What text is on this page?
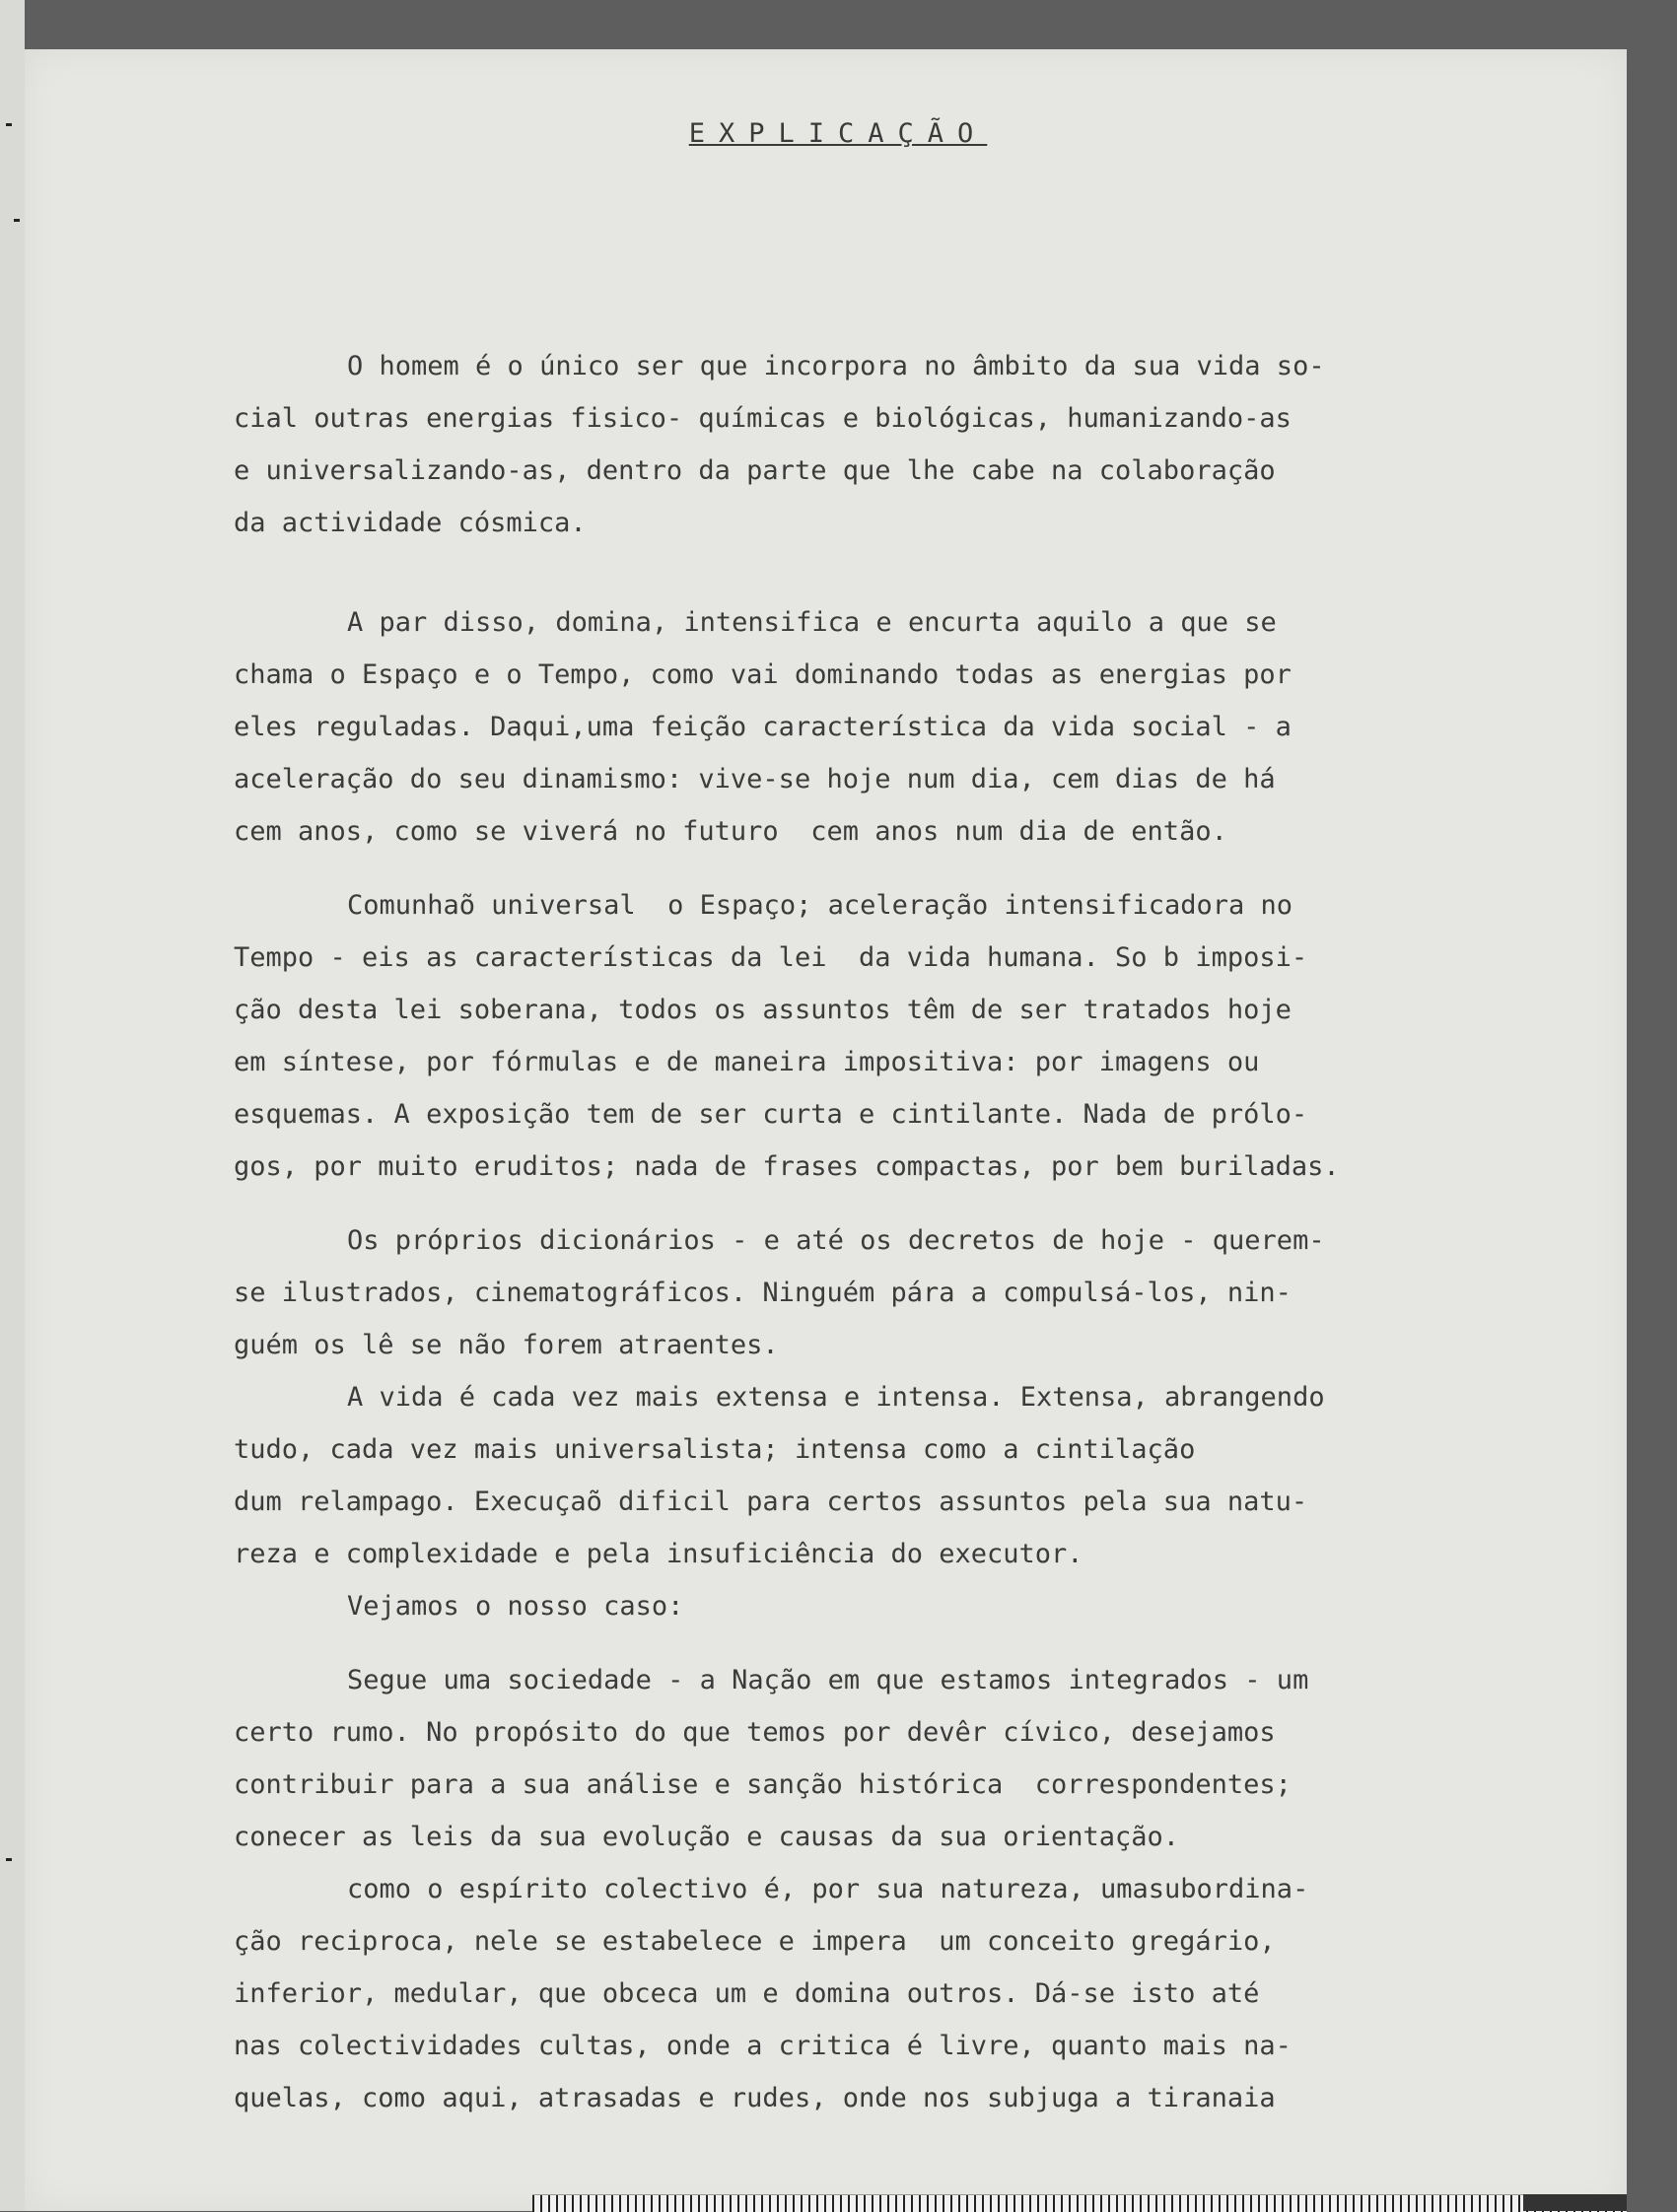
EXPLICAÇÃO
O homem é o único ser que incorpora no âmbito da sua vida so-
cial outras energias fisico- químicas e biológicas, humanizando-as
e universalizando-as, dentro da parte que lhe cabe na colaboração
da actividade cósmica.
A par disso, domina, intensifica e encurta aquilo a que se
chama o Espaço e o Tempo, como vai dominando todas as energias por
eles reguladas. Daqui,uma feição característica da vida social - a
aceleração do seu dinamismo: vive-se hoje num dia, cem dias de há
cem anos, como se viverá no futuro  cem anos num dia de então.
Comunhaõ universal  o Espaço; aceleração intensificadora no
Tempo - eis as características da lei  da vida humana. So b imposi-
ção desta lei soberana, todos os assuntos têm de ser tratados hoje
em síntese, por fórmulas e de maneira impositiva: por imagens ou
esquemas. A exposição tem de ser curta e cintilante. Nada de prólo-
gos, por muito eruditos; nada de frases compactas, por bem buriladas.
Os próprios dicionários - e até os decretos de hoje - querem-
se ilustrados, cinematográficos. Ninguém pára a compulsá-los, nin-
guém os lê se não forem atraentes.
A vida é cada vez mais extensa e intensa. Extensa, abrangendo
tudo, cada vez mais universalista; intensa como a cintilação
dum relampago. Execuçaõ dificil para certos assuntos pela sua natu-
reza e complexidade e pela insuficiência do executor.
Vejamos o nosso caso:
Segue uma sociedade - a Nação em que estamos integrados - um
certo rumo. No propósito do que temos por devêr cívico, desejamos
contribuir para a sua análise e sanção histórica  correspondentes;
conecer as leis da sua evolução e causas da sua orientação.
como o espírito colectivo é, por sua natureza, umasubordina-
ção reciproca, nele se estabelece e impera  um conceito gregário,
inferior, medular, que obceca um e domina outros. Dá-se isto até
nas colectividades cultas, onde a critica é livre, quanto mais na-
quelas, como aqui, atrasadas e rudes, onde nos subjuga a tiranaia
